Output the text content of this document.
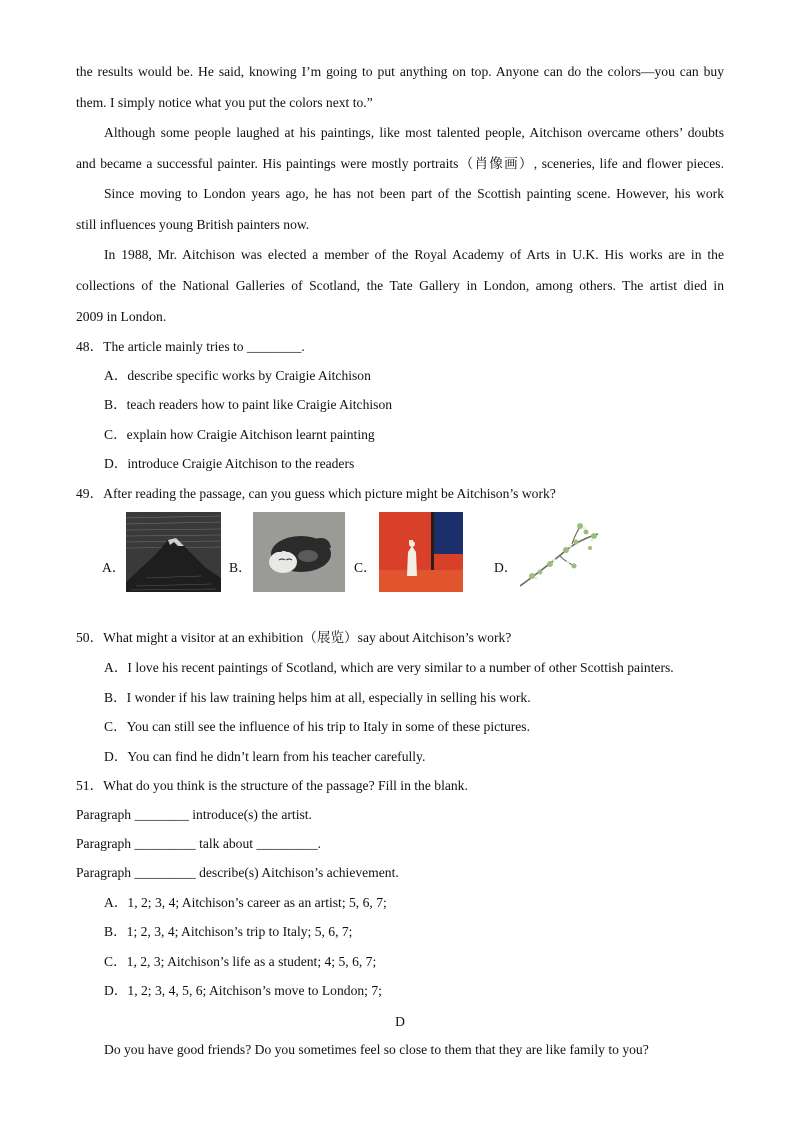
the results would be. He said, knowing I’m going to put anything on top. Anyone can do the colors—you can buy
them. I simply notice what you put the colors next to.”
Although some people laughed at his paintings, like most talented people, Aitchison overcame others’ doubts
and became a successful painter. His paintings were mostly portraits（肖像画）, sceneries, life and flower pieces.
Since moving to London years ago, he has not been part of the Scottish painting scene. However, his work
still influences young British painters now.
In 1988, Mr. Aitchison was elected a member of the Royal Academy of Arts in U.K. His works are in the
collections of the National Galleries of Scotland, the Tate Gallery in London, among others. The artist died in
2009 in London.
48．The article mainly tries to ________.
A．describe specific works by Craigie Aitchison
B．teach readers how to paint like Craigie Aitchison
C．explain how Craigie Aitchison learnt painting
D．introduce Craigie Aitchison to the readers
49．After reading the passage, can you guess which picture might be Aitchison’s work?
A．	B．	C．	D．
50．What might a visitor at an exhibition（展览）say about Aitchison’s work?
A．I love his recent paintings of Scotland, which are very similar to a number of other Scottish painters.
B．I wonder if his law training helps him at all, especially in selling his work.
C．You can still see the influence of his trip to Italy in some of these pictures.
D．You can find he didn’t learn from his teacher carefully.
51．What do you think is the structure of the passage? Fill in the blank.
Paragraph ________ introduce(s) the artist.
Paragraph _________ talk about _________.
Paragraph _________ describe(s) Aitchison’s achievement.
A．1, 2; 3, 4; Aitchison’s career as an artist; 5, 6, 7;
B．1; 2, 3, 4; Aitchison’s trip to Italy; 5, 6, 7;
C．1, 2, 3; Aitchison’s life as a student; 4; 5, 6, 7;
D．1, 2; 3, 4, 5, 6; Aitchison’s move to London; 7;
D
Do you have good friends? Do you sometimes feel so close to them that they are like family to you?
